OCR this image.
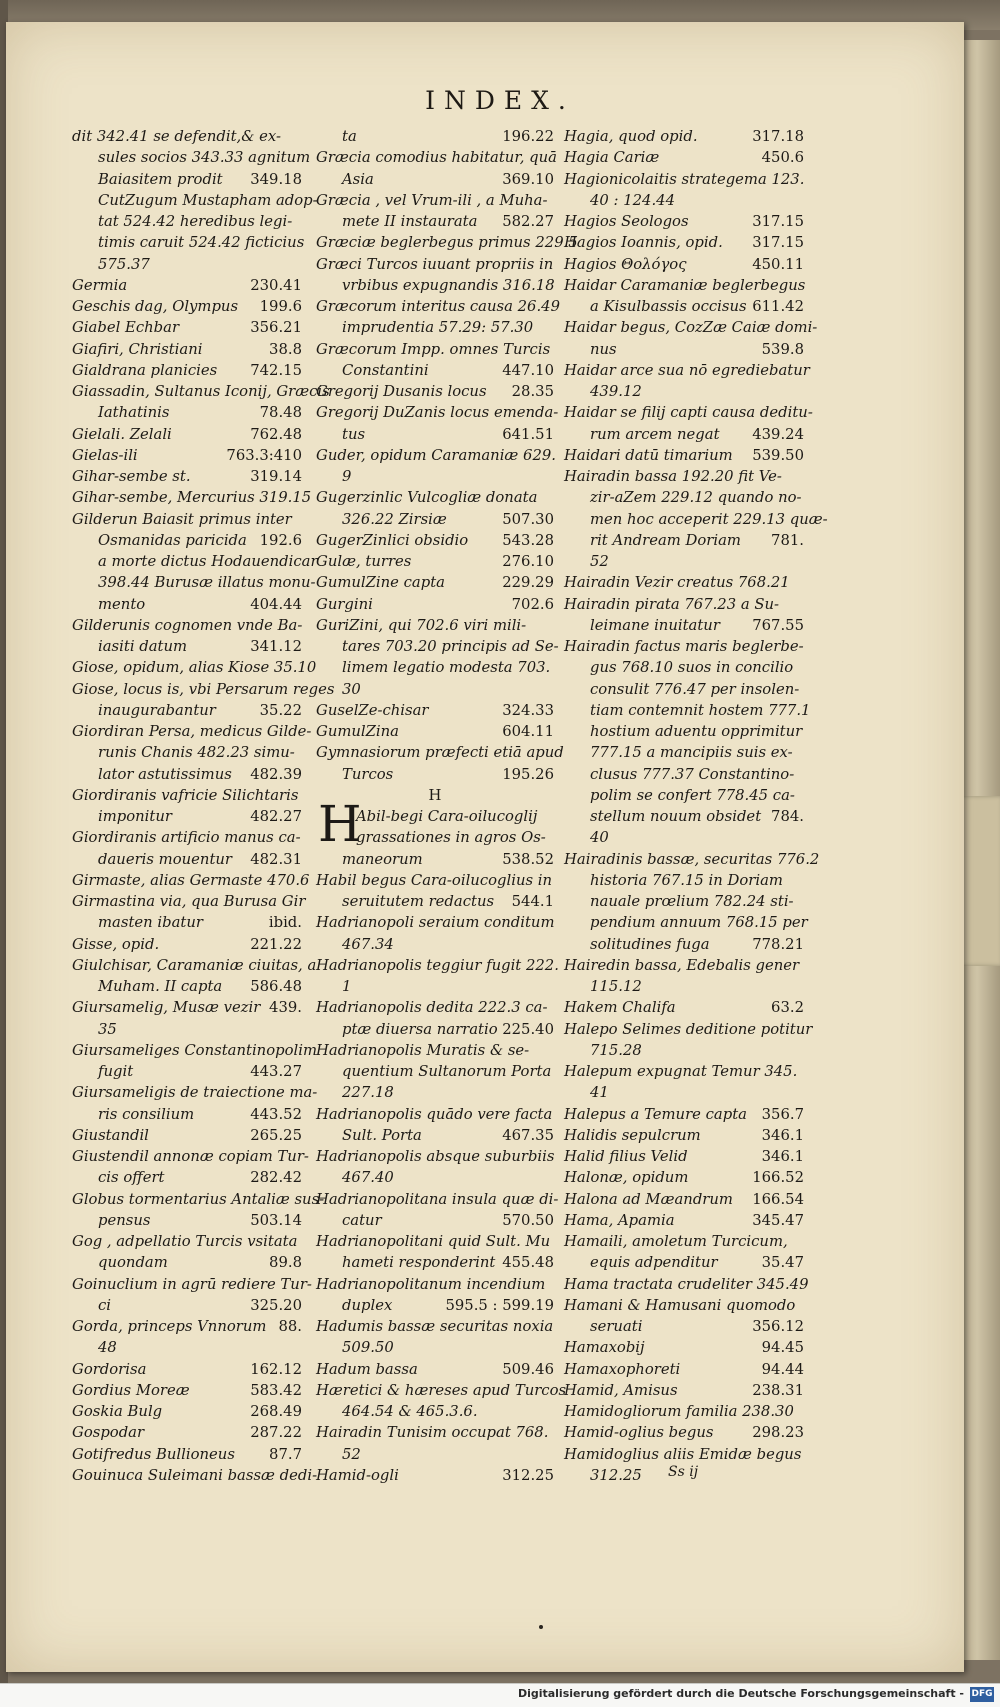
INDEX.
dit 342.41 se defendit,& ex-
sules socios 343.33 agnitum
Baiasitem prodit 349.18
CutZugum Mustapham adop-
tat 524.42 heredibus legi-
timis caruit 524.42 ficticius
575.37
Germia	230.41
Geschis dag, Olympus 199.6
Giabel Echbar	356.21
Giafiri, Christiani	38.8
Gialdrana planicies 742.15
Giassadin, Sultanus Iconij, Græcis
Iathatinis	78.48
Gielali. Zelali	762.48
Gielas-ili	763.3:410
Gihar-sembe st.	319.14
Gihar-sembe, Mercurius 319.15
Gilderun Baiasit primus inter
Osmanidas paricida 192.6
a morte dictus Hodauendicar
398.44 Burusæ illatus monu-
mento	404.44
Gilderunis cognomen vnde Ba-
iasiti datum	341.12
Giose, opidum, alias Kiose 35.10
Giose, locus is, vbi Persarum reges
inaugurabantur	35.22
Giordiran Persa, medicus Gilde-
runis Chanis 482.23 simu-
lator astutissimus 482.39
Giordiranis vafricie Silichtaris
imponitur	482.27
Giordiranis artificio manus ca-
daueris mouentur 482.31
Girmaste, alias Germaste 470.6
Girmastina via, qua Burusa Gir
masten ibatur	ibid.
Gisse, opid.	221.22
Giulchisar, Caramaniæ ciuitas, a
Muham. II capta 586.48
Giursamelig, Musæ vezir 439.
35
Giursameliges Constantinopolim
fugit	443.27
Giursameligis de traiectione ma-
ris consilium	443.52
Giustandil	265.25
Giustendil annonæ copiam Tur-
cis offert	282.42
Globus tormentarius Antaliæ sus-
pensus	503.14
Gog , adpellatio Turcis vsitata
quondam	89.8
Goinuclium in agrū rediere Tur-
ci	325.20
Gorda, princeps Vnnorum 88.
48
Gordorisa	162.12
Gordius Moreæ	583.42
Goskia Bulg	268.49
Gospodar	287.22
Gotifredus Bullioneus 87.7
Gouinuca Suleimani bassæ dedi-
ta	196.22
Græcia comodius habitatur, quā
Asia	369.10
Græcia , vel Vrum-ili , a Muha-
mete II instaurata 582.27
Græciæ beglerbegus primus 229.5
Græci Turcos iuuant propriis in
vrbibus expugnandis 316.18
Græcorum interitus causa 26.49
imprudentia 57.29: 57.30
Græcorum Impp. omnes Turcis
Constantini	447.10
Gregorij Dusanis locus 28.35
Gregorij DuZanis locus emenda-
tus	641.51
Guder, opidum Caramaniæ 629.
9
Gugerzinlic Vulcogliæ donata
326.22 Zirsiæ	507.30
GugerZinlici obsidio 543.28
Gulæ, turres	276.10
GumulZine capta	229.29
Gurgini	702.6
GuriZini, qui 702.6 viri mili-
tares 703.20 principis ad Se-
limem legatio modesta 703.
30
GuselZe-chisar	324.33
GumulZina	604.11
Gymnasiorum præfecti etiā apud
Turcos	195.26
H
Abil-begi Cara-oilucoglij
grassationes in agros Os-
maneorum	538.52
Habil begus Cara-oilucoglius in
seruitutem redactus 544.1
Hadrianopoli seraium conditum
467.34
Hadrianopolis teggiur fugit 222.
1
Hadrianopolis dedita 222.3 ca-
ptæ diuersa narratio 225.40
Hadrianopolis Muratis & se-
quentium Sultanorum Porta
227.18
Hadrianopolis quādo vere facta
Sult. Porta	467.35
Hadrianopolis absque suburbiis
467.40
Hadrianopolitana insula quæ di-
catur	570.50
Hadrianopolitani quid Sult. Mu
hameti responderint 455.48
Hadrianopolitanum incendium
duplex	595.5 : 599.19
Hadumis bassæ securitas noxia
509.50
Hadum bassa	509.46
Hæretici & hæreses apud Turcos
464.54 & 465.3.6.
Hairadin Tunisim occupat 768.
52
Hamid-ogli	312.25
Hagia, quod opid.	317.18
Hagia Cariæ	450.6
Hagionicolaitis strategema 123.
40 : 124.44
Hagios Seologos	317.15
Hagios Ioannis, opid. 317.15
Hagios Θολόγος	450.11
Haidar Caramaniæ beglerbegus
a Kisulbassis occisus 611.42
Haidar begus, CozZæ Caiæ domi-
nus	539.8
Haidar arce sua nō egrediebatur
439.12
Haidar se filij capti causa deditu-
rum arcem negat 439.24
Haidari datū timarium 539.50
Hairadin bassa 192.20 fit Ve-
zir-aZem 229.12 quando no-
men hoc acceperit 229.13 quæ-
rit Andream Doriam 781.
52
Hairadin Vezir creatus 768.21
Hairadin pirata 767.23 a Su-
leimane inuitatur 767.55
Hairadin factus maris beglerbe-
gus 768.10 suos in concilio
consulit 776.47 per insolen-
tiam contemnit hostem 777.1
hostium aduentu opprimitur
777.15 a mancipiis suis ex-
clusus 777.37 Constantino-
polim se confert 778.45 ca-
stellum nouum obsidet 784.
40
Hairadinis bassæ, securitas 776.2
historia 767.15 in Doriam
nauale prœlium 782.24 sti-
pendium annuum 768.15 per
solitudines fuga	778.21
Hairedin bassa, Edebalis gener
115.12
Hakem Chalifa	63.2
Halepo Selimes deditione potitur
715.28
Halepum expugnat Temur 345.
41
Halepus a Temure capta 356.7
Halidis sepulcrum	346.1
Halid filius Velid	346.1
Halonæ, opidum	166.52
Halona ad Mæandrum 166.54
Hama, Apamia	345.47
Hamaili, amoletum Turcicum,
equis adpenditur	35.47
Hama tractata crudeliter 345.49
Hamani & Hamusani quomodo
seruati	356.12
Hamaxobij	94.45
Hamaxophoreti	94.44
Hamid, Amisus	238.31
Hamidogliorum familia 238.30
Hamid-oglius begus	298.23
Hamidoglius aliis Emidæ begus
312.25
H
Ss ij
Digitalisierung gefördert durch die Deutsche Forschungsgemeinschaft - DFG
